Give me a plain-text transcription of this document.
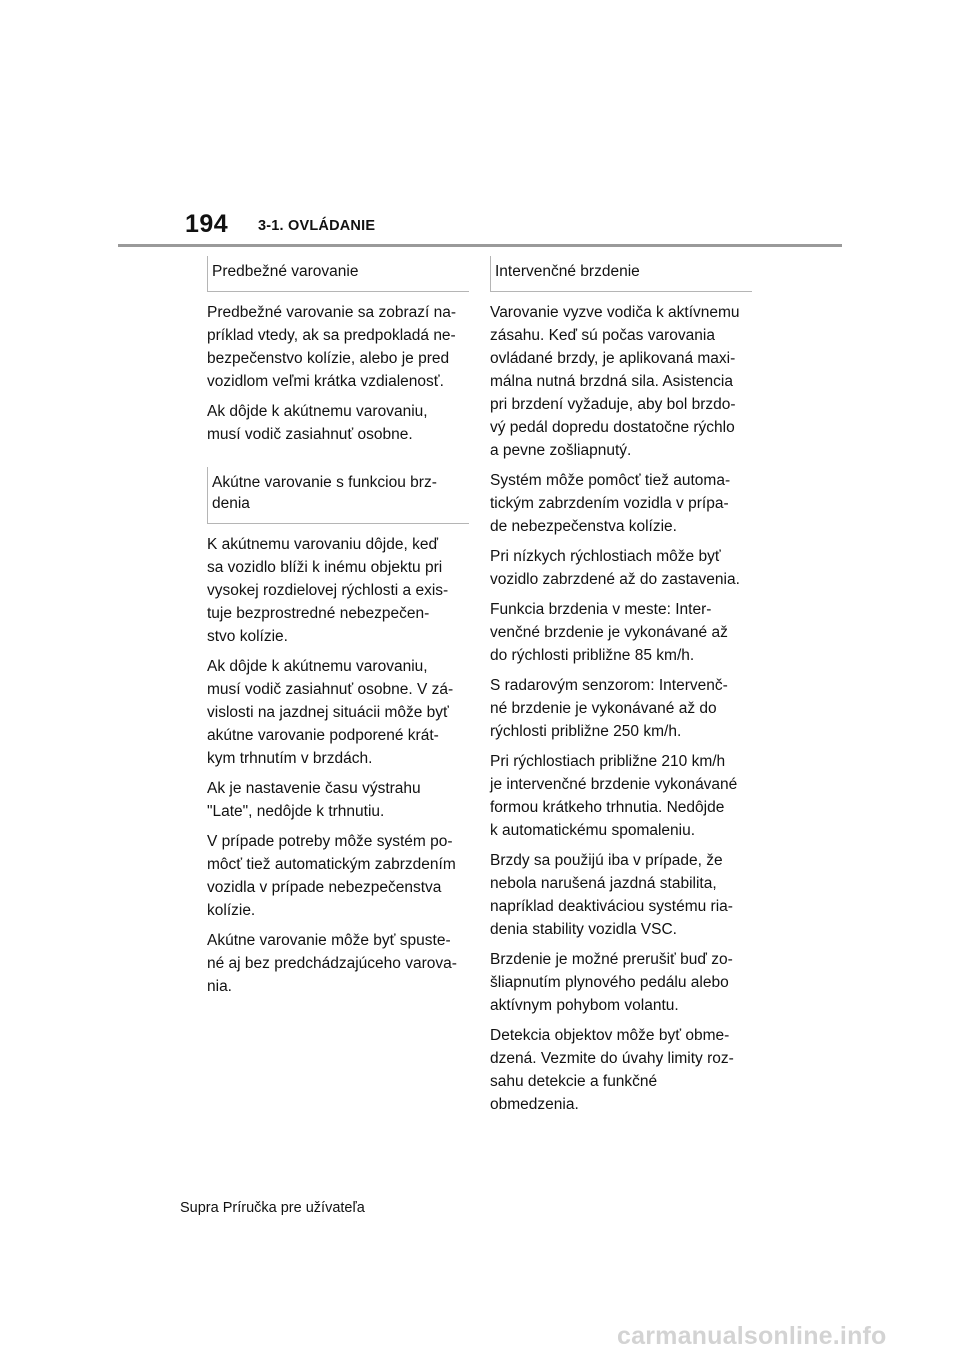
194 3-1. OVLÁDANIE
Predbežné varovanie

Predbežné varovanie sa zobrazí na-
príklad vtedy, ak sa predpokladá ne-
bezpečenstvo kolízie, alebo je pred
vozidlom veľmi krátka vzdialenosť.

Ak dôjde k akútnemu varovaniu,
musí vodič zasiahnuť osobne.

Akútne varovanie s funkciou brz-
denia

K akútnemu varovaniu dôjde, keď
sa vozidlo blíži k inému objektu pri
vysokej rozdielovej rýchlosti a exis-
tuje bezprostredné nebezpečen-
stvo kolízie.

Ak dôjde k akútnemu varovaniu,
musí vodič zasiahnuť osobne. V zá-
vislosti na jazdnej situácii môže byť
akútne varovanie podporené krát-
kym trhnutím v brzdách.

Ak je nastavenie času výstrahu
"Late", nedôjde k trhnutiu.

V prípade potreby môže systém po-
môcť tiež automatickým zabrzdením
vozidla v prípade nebezpečenstva
kolízie.

Akútne varovanie môže byť spuste-
né aj bez predchádzajúceho varova-
nia.

Intervenčné brzdenie

Varovanie vyzve vodiča k aktívnemu
zásahu. Keď sú počas varovania
ovládané brzdy, je aplikovaná maxi-
málna nutná brzdná sila. Asistencia
pri brzdení vyžaduje, aby bol brzdo-
vý pedál dopredu dostatočne rýchlo
a pevne zošliapnutý.

Systém môže pomôcť tiež automa-
tickým zabrzdením vozidla v prípa-
de nebezpečenstva kolízie.

Pri nízkych rýchlostiach môže byť
vozidlo zabrzdené až do zastavenia.

Funkcia brzdenia v meste: Inter-
venčné brzdenie je vykonávané až
do rýchlosti približne 85 km/h.

S radarovým senzorom: Intervenč-
né brzdenie je vykonávané až do
rýchlosti približne 250 km/h.

Pri rýchlostiach približne 210 km/h
je intervenčné brzdenie vykonávané
formou krátkeho trhnutia. Nedôjde
k automatickému spomaleniu.

Brzdy sa použijú iba v prípade, že
nebola narušená jazdná stabilita,
napríklad deaktiváciou systému ria-
denia stability vozidla VSC.

Brzdenie je možné prerušiť buď zo-
šliapnutím plynového pedálu alebo
aktívnym pohybom volantu.

Detekcia objektov môže byť obme-
dzená. Vezmite do úvahy limity roz-
sahu detekcie a funkčné
obmedzenia.

Supra Príručka pre užívateľa
carmanualsonline.info
